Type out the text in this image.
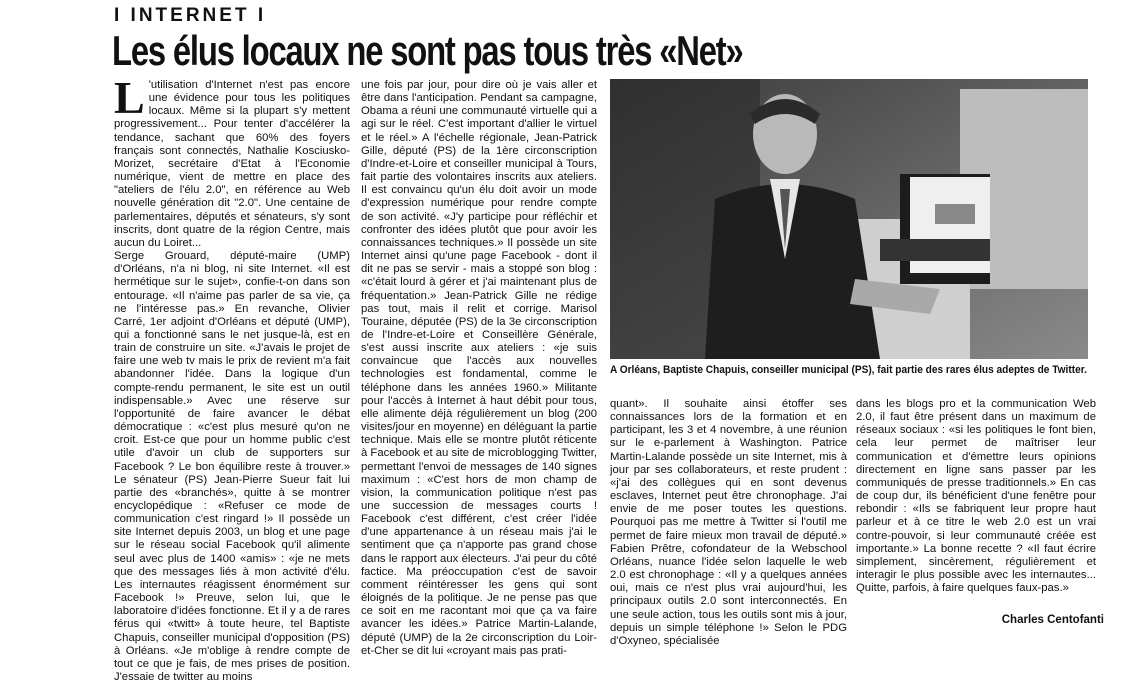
I INTERNET I
Les élus locaux ne sont pas tous très «Net»
L 'utilisation d'Internet n'est pas encore une évidence pour tous les politiques locaux. Même si la plupart s'y mettent progressivement... Pour tenter d'accélérer la tendance, sachant que 60% des foyers français sont connectés, Nathalie Kosciusko-Morizet, secrétaire d'Etat à l'Economie numérique, vient de mettre en place des "ateliers de l'élu 2.0", en référence au Web nouvelle génération dit "2.0". Une centaine de parlementaires, députés et sénateurs, s'y sont inscrits, dont quatre de la région Centre, mais aucun du Loiret...

Serge Grouard, député-maire (UMP) d'Orléans, n'a ni blog, ni site Internet. «Il est hermétique sur le sujet», confie-t-on dans son entourage. «Il n'aime pas parler de sa vie, ça ne l'intéresse pas.» En revanche, Olivier Carré, 1er adjoint d'Orléans et député (UMP), qui a fonctionné sans le net jusque-là, est en train de construire un site. «J'avais le projet de faire une web tv mais le prix de revient m'a fait abandonner l'idée. Dans la logique d'un compte-rendu permanent, le site est un outil indispensable.» Avec une réserve sur l'opportunité de faire avancer le débat démocratique : «c'est plus mesuré qu'on ne croit. Est-ce que pour un homme public c'est utile d'avoir un club de supporters sur Facebook ? Le bon équilibre reste à trouver.» Le sénateur (PS) Jean-Pierre Sueur fait lui partie des «branchés», quitte à se montrer encyclopédique : «Refuser ce mode de communication c'est ringard !» Il possède un site Internet depuis 2003, un blog et une page sur le réseau social Facebook qu'il alimente seul avec plus de 1400 «amis» : «je ne mets que des messages liés à mon activité d'élu. Les internautes réagissent énormément sur Facebook !» Preuve, selon lui, que le laboratoire d'idées fonctionne. Et il y a de rares férus qui «twitt» à toute heure, tel Baptiste Chapuis, conseiller municipal d'opposition (PS) à Orléans. «Je m'oblige à rendre compte de tout ce que je fais, de mes prises de position. J'essaie de twitter au moins

une fois par jour, pour dire où je vais aller et être dans l'anticipation. Pendant sa campagne, Obama a réuni une communauté virtuelle qui a agi sur le réel. C'est important d'allier le virtuel et le réel.» A l'échelle régionale, Jean-Patrick Gille, député (PS) de la 1ère circonscription d'Indre-et-Loire et conseiller municipal à Tours, fait partie des volontaires inscrits aux ateliers. Il est convaincu qu'un élu doit avoir un mode d'expression numérique pour rendre compte de son activité. «J'y participe pour réfléchir et confronter des idées plutôt que pour avoir les connaissances techniques.» Il possède un site Internet ainsi qu'une page Facebook - dont il dit ne pas se servir - mais a stoppé son blog : «c'était lourd à gérer et j'ai maintenant plus de fréquentation.» Jean-Patrick Gille ne rédige pas tout, mais il relit et corrige. Marisol Touraine, députée (PS) de la 3e circonscription de l'Indre-et-Loire et Conseillère Générale, s'est aussi inscrite aux ateliers : «je suis convaincue que l'accès aux nouvelles technologies est fondamental, comme le téléphone dans les années 1960.» Militante pour l'accès à Internet à haut débit pour tous, elle alimente déjà régulièrement un blog (200 visites/jour en moyenne) en déléguant la partie technique. Mais elle se montre plutôt réticente à Facebook et au site de microblogging Twitter, permettant l'envoi de messages de 140 signes maximum : «C'est hors de mon champ de vision, la communication politique n'est pas une succession de messages courts ! Facebook c'est différent, c'est créer l'idée d'une appartenance à un réseau mais j'ai le sentiment que ça n'apporte pas grand chose dans le rapport aux électeurs. J'ai peur du côté factice. Ma préoccupation c'est de savoir comment réintéresser les gens qui sont éloignés de la politique. Je ne pense pas que ce soit en me racontant moi que ça va faire avancer les idées.» Patrice Martin-Lalande, député (UMP) de la 2e circonscription du Loir-et-Cher se dit lui «croyant mais pas prati-

A Orléans, Baptiste Chapuis, conseiller municipal (PS), fait partie des rares élus adeptes de Twitter.

quant». Il souhaite ainsi étoffer ses connaissances lors de la formation et en participant, les 3 et 4 novembre, à une réunion sur le e-parlement à Washington. Patrice Martin-Lalande possède un site Internet, mis à jour par ses collaborateurs, et reste prudent : «j'ai des collègues qui en sont devenus esclaves, Internet peut être chronophage. J'ai envie de me poser toutes les questions. Pourquoi pas me mettre à Twitter si l'outil me permet de faire mieux mon travail de député.» Fabien Prêtre, cofondateur de la Webschool Orléans, nuance l'idée selon laquelle le web 2.0 est chronophage : «Il y a quelques années oui, mais ce n'est plus vrai aujourd'hui, les principaux outils 2.0 sont interconnectés. En une seule action, tous les outils sont mis à jour, depuis un simple téléphone !» Selon le PDG d'Oxyneo, spécialisée

dans les blogs pro et la communication Web 2.0, il faut être présent dans un maximum de réseaux sociaux : «si les politiques le font bien, cela leur permet de maîtriser leur communication et d'émettre leurs opinions directement en ligne sans passer par les communiqués de presse traditionnels.» En cas de coup dur, ils bénéficient d'une fenêtre pour rebondir : «Ils se fabriquent leur propre haut parleur et à ce titre le web 2.0 est un vrai contre-pouvoir, si leur communauté créée est importante.» La bonne recette ? «Il faut écrire simplement, sincèrement, régulièrement et interagir le plus possible avec les internautes... Quitte, parfois, à faire quelques faux-pas.»

Charles Centofanti
